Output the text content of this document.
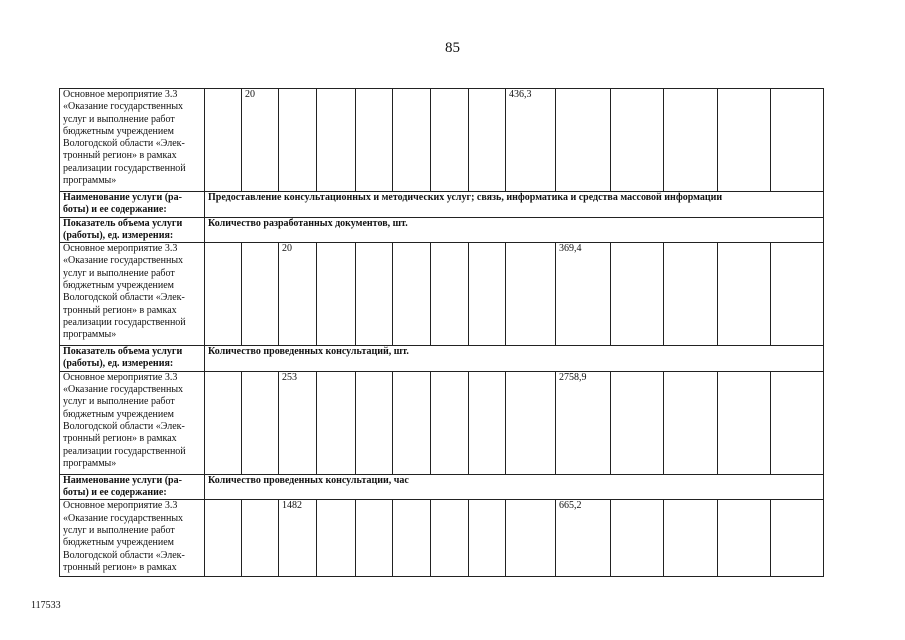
85
Основное мероприятие 3.3 «Оказание государственных услуг и выполнение работ бюджетным учреждением Вологодской области «Элек-тронный регион» в рамках реализации государственной программы»		20							436,3					
Наименование услуги (ра-боты) и ее содержание:	Предоставление консультационных и методических услуг; связь, информатика и средства массовой информации													
Показатель объема услуги (работы), ед. измерения:	Количество разработанных документов, шт.													
Основное мероприятие 3.3 «Оказание государственных услуг и выполнение работ бюджетным учреждением Вологодской области «Элек-тронный регион» в рамках реализации государственной программы»			20							369,4				
Показатель объема услуги (работы), ед. измерения:	Количество проведенных консультаций, шт.													
Основное мероприятие 3.3 «Оказание государственных услуг и выполнение работ бюджетным учреждением Вологодской области «Элек-тронный регион» в рамках реализации государственной программы»			253							2758,9				
Наименование услуги (ра-боты) и ее содержание:	Количество проведенных консультации, час													
Основное мероприятие 3.3 «Оказание государственных услуг и выполнение работ бюджетным учреждением Вологодской области «Элек-тронный регион» в рамках			1482							665,2				
117533
